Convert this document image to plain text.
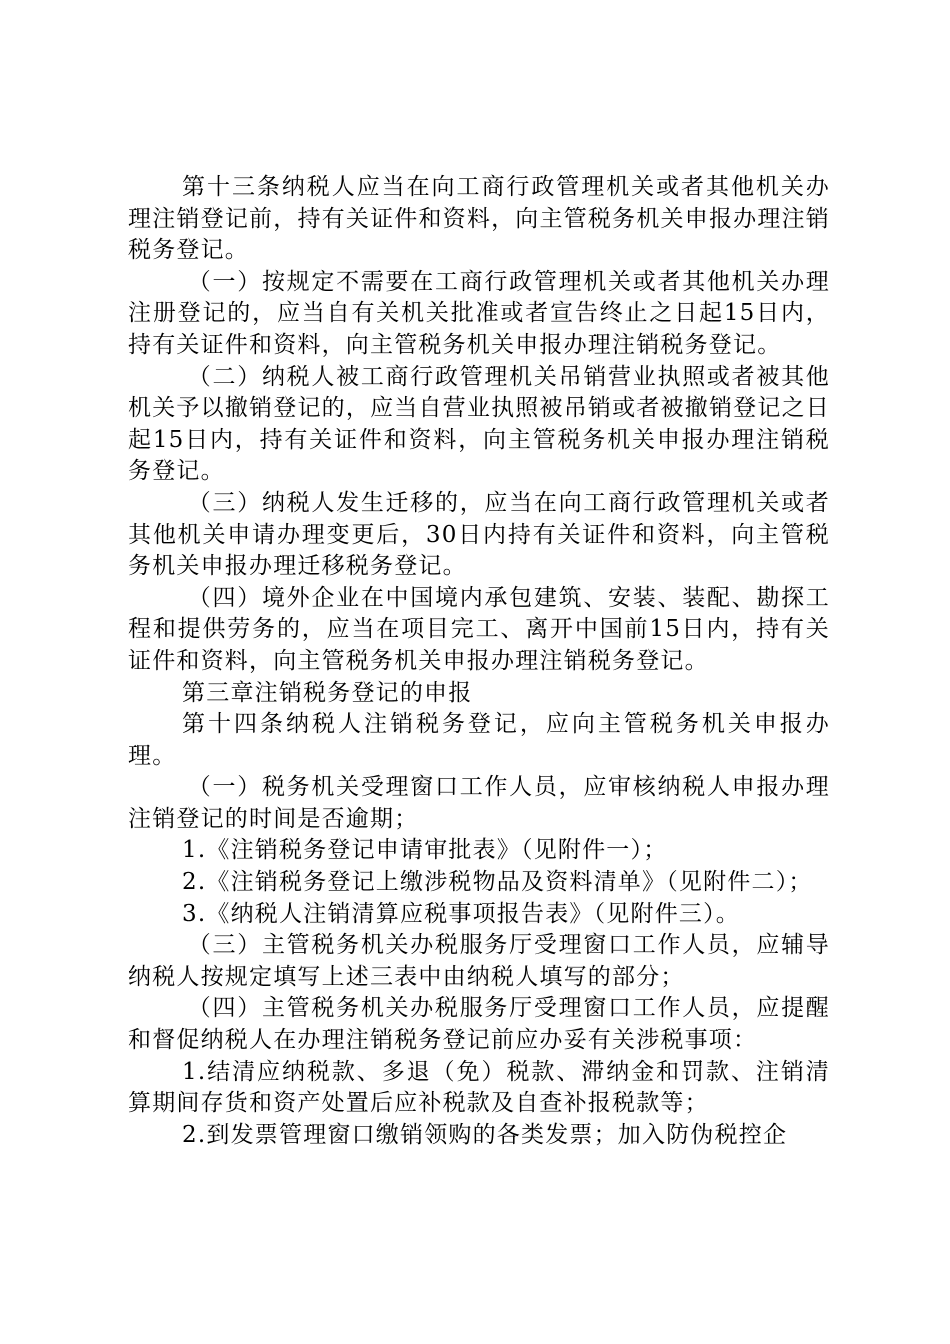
第十三条纳税人应当在向工商行政管理机关或者其他机关办理注销登记前，持有关证件和资料，向主管税务机关申报办理注销税务登记。

（一）按规定不需要在工商行政管理机关或者其他机关办理注册登记的，应当自有关机关批准或者宣告终止之日起15日内，持有关证件和资料，向主管税务机关申报办理注销税务登记。

（二）纳税人被工商行政管理机关吊销营业执照或者被其他机关予以撤销登记的，应当自营业执照被吊销或者被撤销登记之日起15日内，持有关证件和资料，向主管税务机关申报办理注销税务登记。

（三）纳税人发生迁移的，应当在向工商行政管理机关或者其他机关申请办理变更后，30日内持有关证件和资料，向主管税务机关申报办理迁移税务登记。

（四）境外企业在中国境内承包建筑、安装、装配、勘探工程和提供劳务的，应当在项目完工、离开中国前15日内，持有关证件和资料，向主管税务机关申报办理注销税务登记。

第三章注销税务登记的申报

第十四条纳税人注销税务登记，应向主管税务机关申报办理。

（一）税务机关受理窗口工作人员，应审核纳税人申报办理注销登记的时间是否逾期；

1.《注销税务登记申请审批表》（见附件一）；

2.《注销税务登记上缴涉税物品及资料清单》（见附件二）；

3.《纳税人注销清算应税事项报告表》（见附件三）。

（三）主管税务机关办税服务厅受理窗口工作人员，应辅导纳税人按规定填写上述三表中由纳税人填写的部分；

（四）主管税务机关办税服务厅受理窗口工作人员，应提醒和督促纳税人在办理注销税务登记前应办妥有关涉税事项：

1.结清应纳税款、多退（免）税款、滞纳金和罚款、注销清算期间存货和资产处置后应补税款及自查补报税款等；

2.到发票管理窗口缴销领购的各类发票；加入防伪税控企
